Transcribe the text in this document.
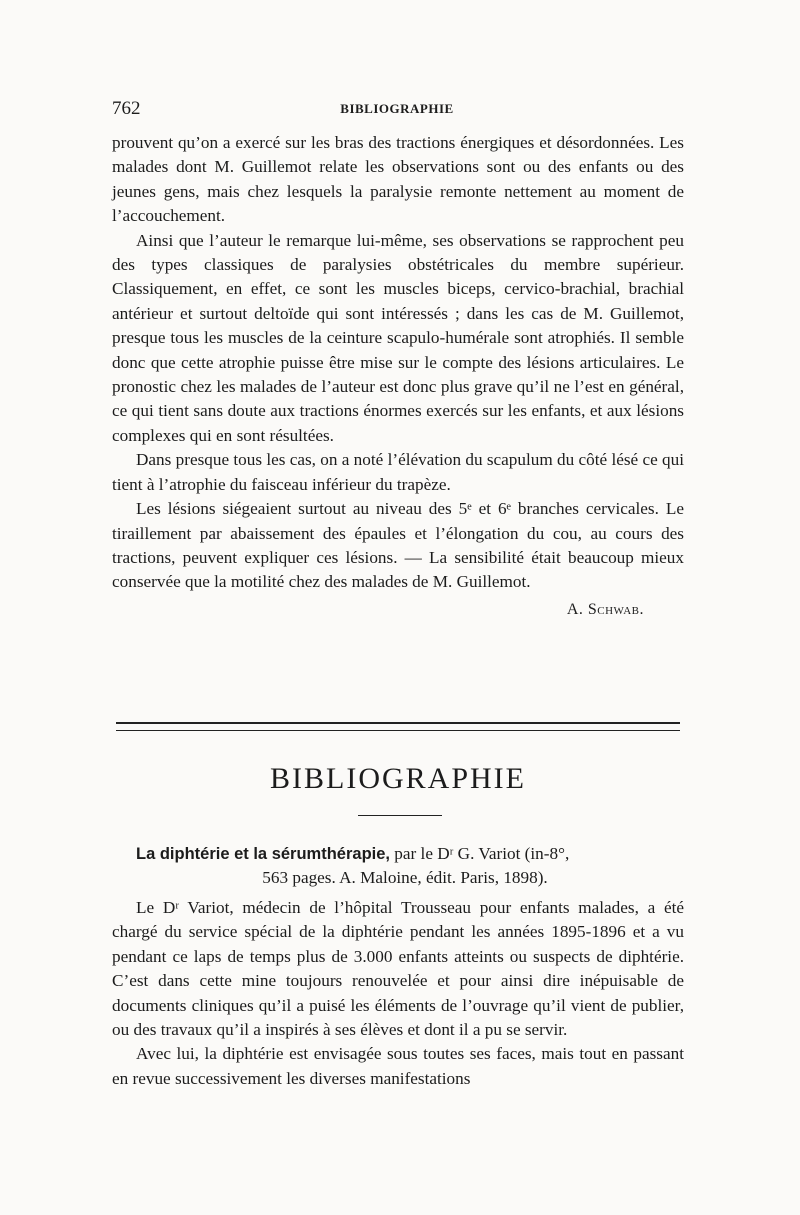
762	BIBLIOGRAPHIE

prouvent qu’on a exercé sur les bras des tractions énergiques et désordonnées. Les malades dont M. Guillemot relate les observations sont ou des enfants ou des jeunes gens, mais chez lesquels la paralysie remonte nettement au moment de l’accouchement.

Ainsi que l’auteur le remarque lui-même, ses observations se rapprochent peu des types classiques de paralysies obstétricales du membre supérieur. Classiquement, en effet, ce sont les muscles biceps, cervico-brachial, brachial antérieur et surtout deltoïde qui sont intéressés ; dans les cas de M. Guillemot, presque tous les muscles de la ceinture scapulo-humérale sont atrophiés. Il semble donc que cette atrophie puisse être mise sur le compte des lésions articulaires. Le pronostic chez les malades de l’auteur est donc plus grave qu’il ne l’est en général, ce qui tient sans doute aux tractions énormes exercés sur les enfants, et aux lésions complexes qui en sont résultées.

Dans presque tous les cas, on a noté l’élévation du scapulum du côté lésé ce qui tient à l’atrophie du faisceau inférieur du trapèze.

Les lésions siégeaient surtout au niveau des 5ᵉ et 6ᵉ branches cervicales. Le tiraillement par abaissement des épaules et l’élongation du cou, au cours des tractions, peuvent expliquer ces lésions. — La sensibilité était beaucoup mieux conservée que la motilité chez des malades de M. Guillemot.

A. Schwab.

BIBLIOGRAPHIE

La diphtérie et la sérumthérapie, par le Dʳ G. Variot (in-8°,
563 pages. A. Maloine, édit. Paris, 1898).

Le Dʳ Variot, médecin de l’hôpital Trousseau pour enfants malades, a été chargé du service spécial de la diphtérie pendant les années 1895-1896 et a vu pendant ce laps de temps plus de 3.000 enfants atteints ou suspects de diphtérie. C’est dans cette mine toujours renouvelée et pour ainsi dire inépuisable de documents cliniques qu’il a puisé les éléments de l’ouvrage qu’il vient de publier, ou des travaux qu’il a inspirés à ses élèves et dont il a pu se servir.

Avec lui, la diphtérie est envisagée sous toutes ses faces, mais tout en passant en revue successivement les diverses manifestations
